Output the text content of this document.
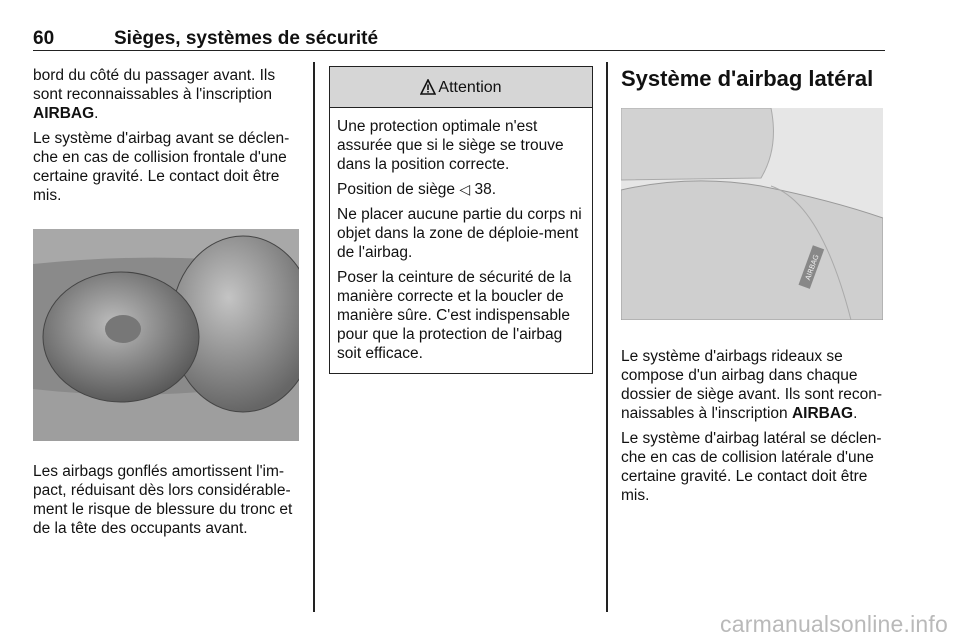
60	Sièges, systèmes de sécurité

bord du côté du passager avant. Ils sont reconnaissables à l'inscription AIRBAG.

Le système d'airbag avant se déclen-che en cas de collision frontale d'une certaine gravité. Le contact doit être mis.

Les airbags gonflés amortissent l'im-pact, réduisant dès lors considérable-ment le risque de blessure du tronc et de la tête des occupants avant.

Attention

Une protection optimale n'est assurée que si le siège se trouve dans la position correcte.

Position de siège ◁ 38.

Ne placer aucune partie du corps ni objet dans la zone de déploie-ment de l'airbag.

Poser la ceinture de sécurité de la manière correcte et la boucler de manière sûre. C'est indispensable pour que la protection de l'airbag soit efficace.

Système d'airbag latéral
AIRBAG

Le système d'airbags rideaux se compose d'un airbag dans chaque dossier de siège avant. Ils sont recon-naissables à l'inscription AIRBAG.

Le système d'airbag latéral se déclen-che en cas de collision latérale d'une certaine gravité. Le contact doit être mis.

carmanualsonline.info
